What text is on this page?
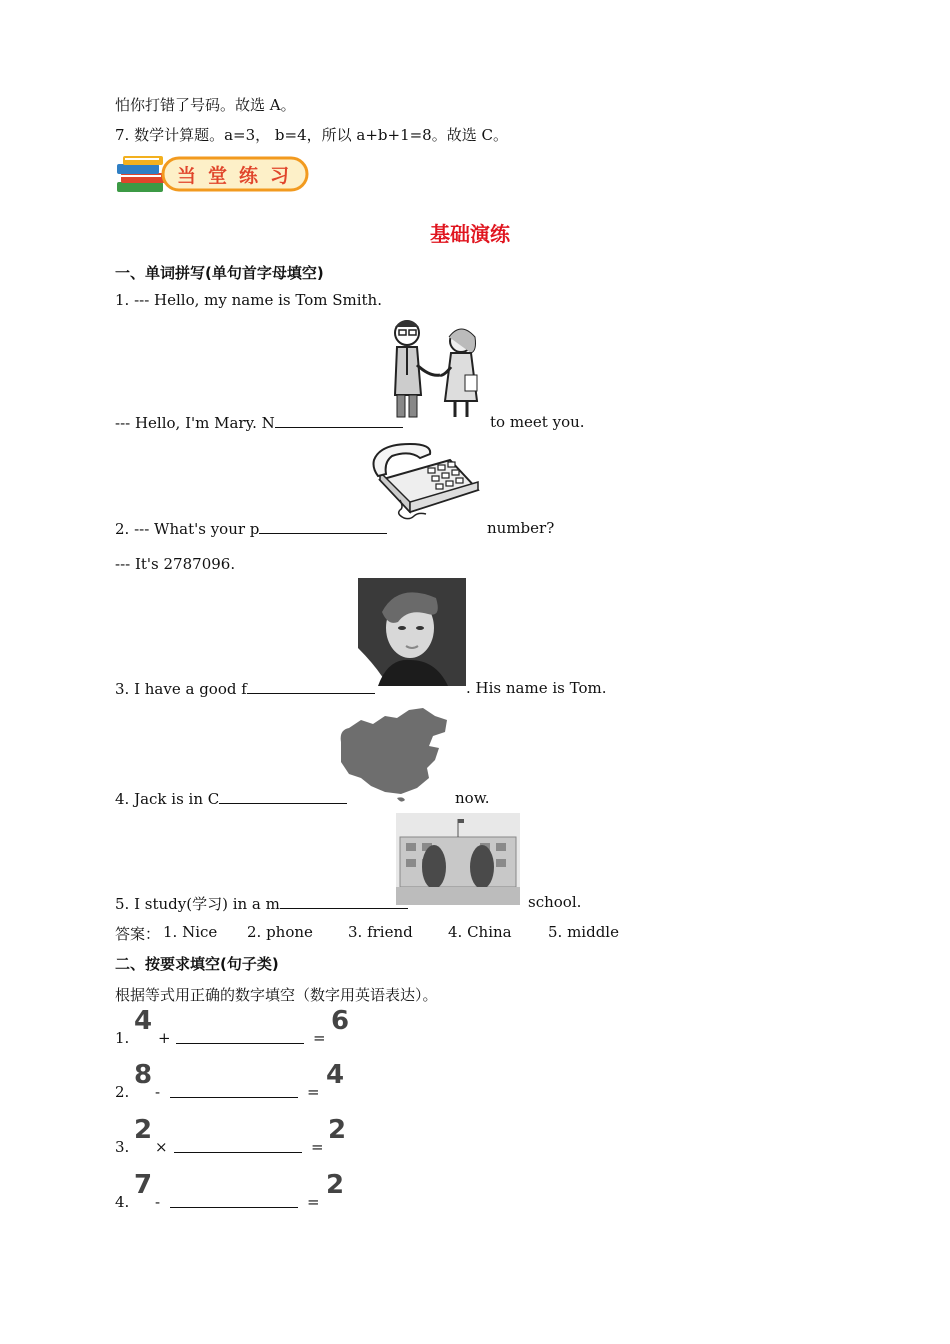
怕你打错了号码。故选 A。
7. 数学计算题。a=3， b=4，所以 a+b+1=8。故选 C。
当堂练习
基础演练
一、单词拼写(单句首字母填空)
1. --- Hello, my name is Tom Smith.
--- Hello, I'm Mary. N	to meet you.
2. --- What's your p	number?
--- It's 2787096.
3. I have a good f	. His name is Tom.
4. Jack is in C	now.
5. I study(学习) in a m	school.
答案： 1. Nice 2. phone 3. friend 4. China 5. middle
二、按要求填空(句子类)
根据等式用正确的数字填空（数字用英语表达）。
1.
4
+	=
6
2.
8
-	=
4
3.
2
×	=
2
4.
7
-	=
2
